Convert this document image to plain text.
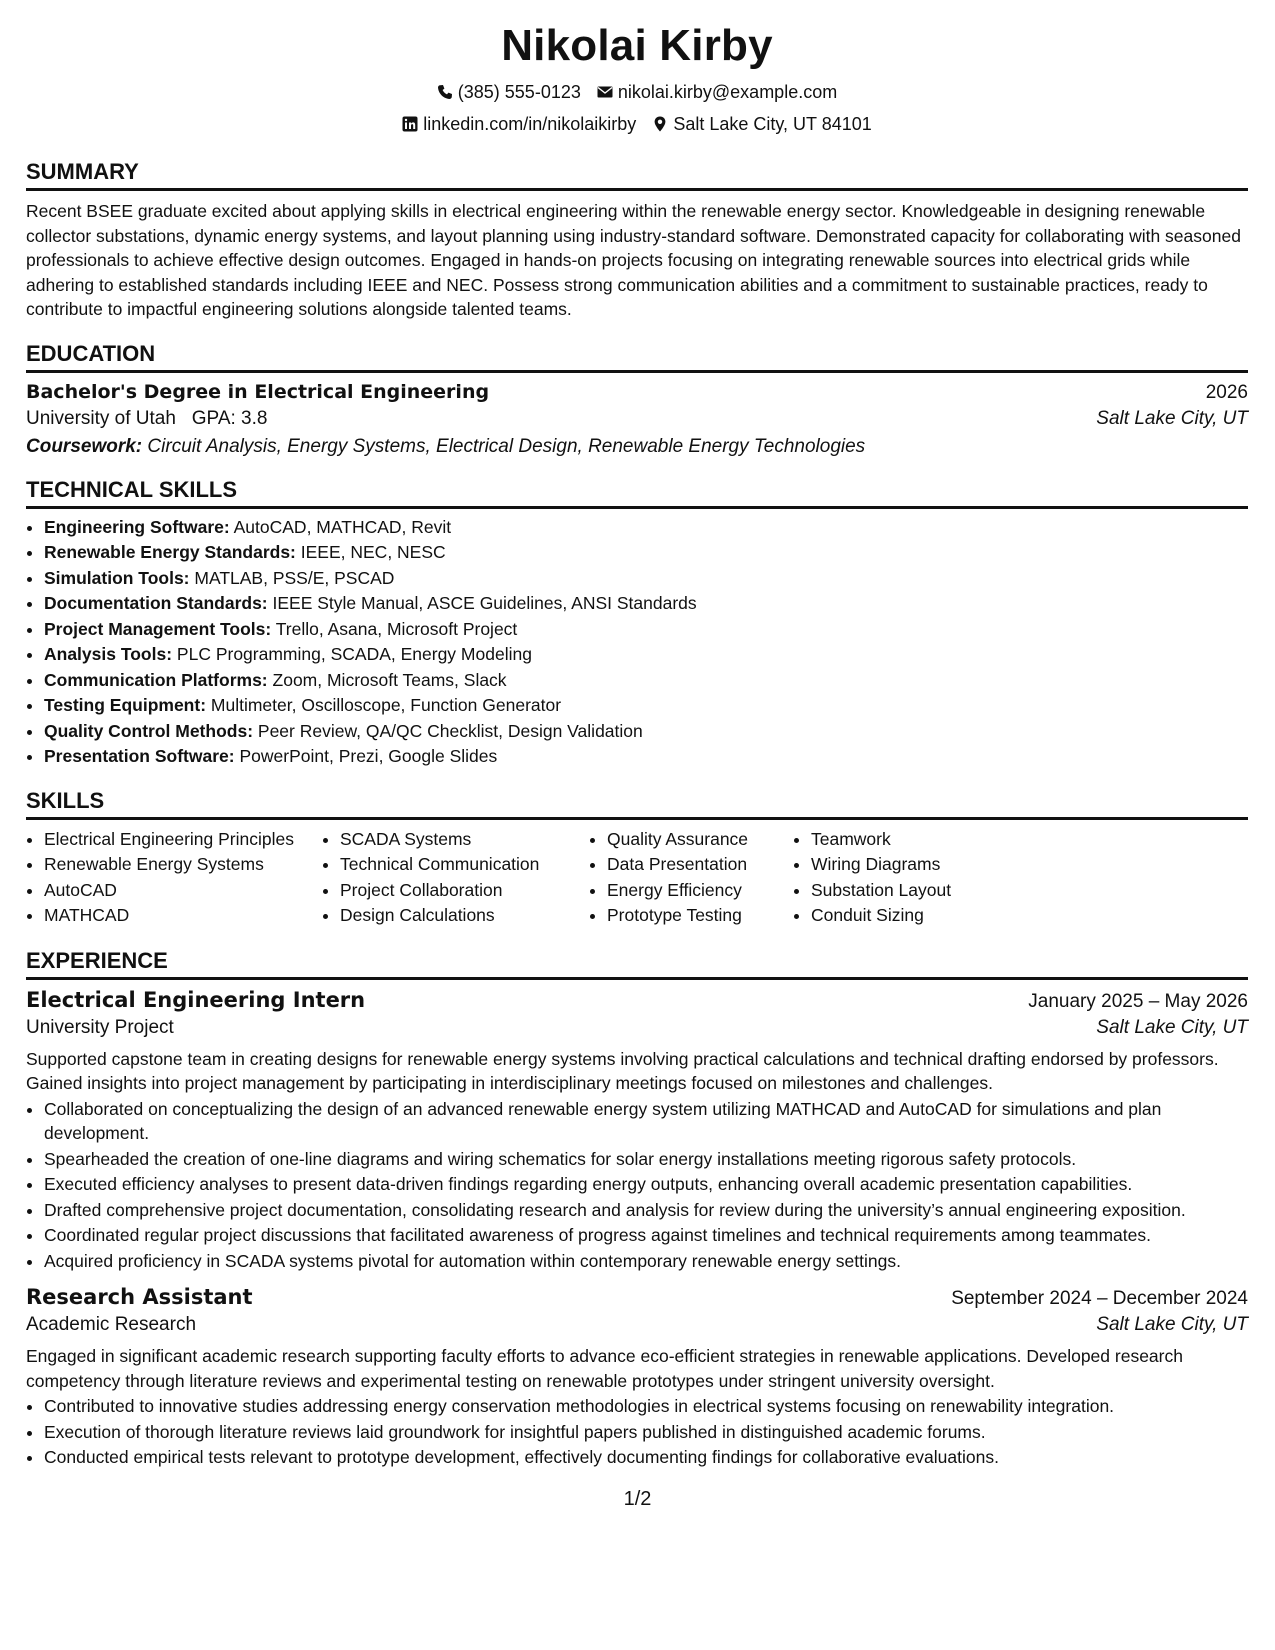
Nikolai Kirby
(385) 555-0123 nikolai.kirby@example.com
linkedin.com/in/nikolaikirby Salt Lake City, UT 84101
SUMMARY

Recent BSEE graduate excited about applying skills in electrical engineering within the renewable energy sector. Knowledgeable in designing renewable collector substations, dynamic energy systems, and layout planning using industry-standard software. Demonstrated capacity for collaborating with seasoned professionals to achieve effective design outcomes. Engaged in hands-on projects focusing on integrating renewable sources into electrical grids while adhering to established standards including IEEE and NEC. Possess strong communication abilities and a commitment to sustainable practices, ready to contribute to impactful engineering solutions alongside talented teams.

EDUCATION
Bachelor's Degree in Electrical Engineering	2026
University of Utah   GPA: 3.8	Salt Lake City, UT
Coursework: Circuit Analysis, Energy Systems, Electrical Design, Renewable Energy Technologies
TECHNICAL SKILLS
• Engineering Software: AutoCAD, MATHCAD, Revit
• Renewable Energy Standards: IEEE, NEC, NESC
• Simulation Tools: MATLAB, PSS/E, PSCAD
• Documentation Standards: IEEE Style Manual, ASCE Guidelines, ANSI Standards
• Project Management Tools: Trello, Asana, Microsoft Project
• Analysis Tools: PLC Programming, SCADA, Energy Modeling
• Communication Platforms: Zoom, Microsoft Teams, Slack
• Testing Equipment: Multimeter, Oscilloscope, Function Generator
• Quality Control Methods: Peer Review, QA/QC Checklist, Design Validation
• Presentation Software: PowerPoint, Prezi, Google Slides
SKILLS
• Electrical Engineering Principles
• Renewable Energy Systems
• AutoCAD
• MATHCAD
• SCADA Systems
• Technical Communication
• Project Collaboration
• Design Calculations
• Quality Assurance
• Data Presentation
• Energy Efficiency
• Prototype Testing
• Teamwork
• Wiring Diagrams
• Substation Layout
• Conduit Sizing
EXPERIENCE
Electrical Engineering Intern	January 2025 – May 2026
University Project	Salt Lake City, UT

Supported capstone team in creating designs for renewable energy systems involving practical calculations and technical drafting endorsed by professors. Gained insights into project management by participating in interdisciplinary meetings focused on milestones and challenges.

• Collaborated on conceptualizing the design of an advanced renewable energy system utilizing MATHCAD and AutoCAD for simulations and plan development.
• Spearheaded the creation of one-line diagrams and wiring schematics for solar energy installations meeting rigorous safety protocols.
• Executed efficiency analyses to present data-driven findings regarding energy outputs, enhancing overall academic presentation capabilities.
• Drafted comprehensive project documentation, consolidating research and analysis for review during the university’s annual engineering exposition.
• Coordinated regular project discussions that facilitated awareness of progress against timelines and technical requirements among teammates.
• Acquired proficiency in SCADA systems pivotal for automation within contemporary renewable energy settings.
Research Assistant	September 2024 – December 2024
Academic Research	Salt Lake City, UT

Engaged in significant academic research supporting faculty efforts to advance eco-efficient strategies in renewable applications. Developed research competency through literature reviews and experimental testing on renewable prototypes under stringent university oversight.

• Contributed to innovative studies addressing energy conservation methodologies in electrical systems focusing on renewability integration.
• Execution of thorough literature reviews laid groundwork for insightful papers published in distinguished academic forums.
• Conducted empirical tests relevant to prototype development, effectively documenting findings for collaborative evaluations.
1/2
